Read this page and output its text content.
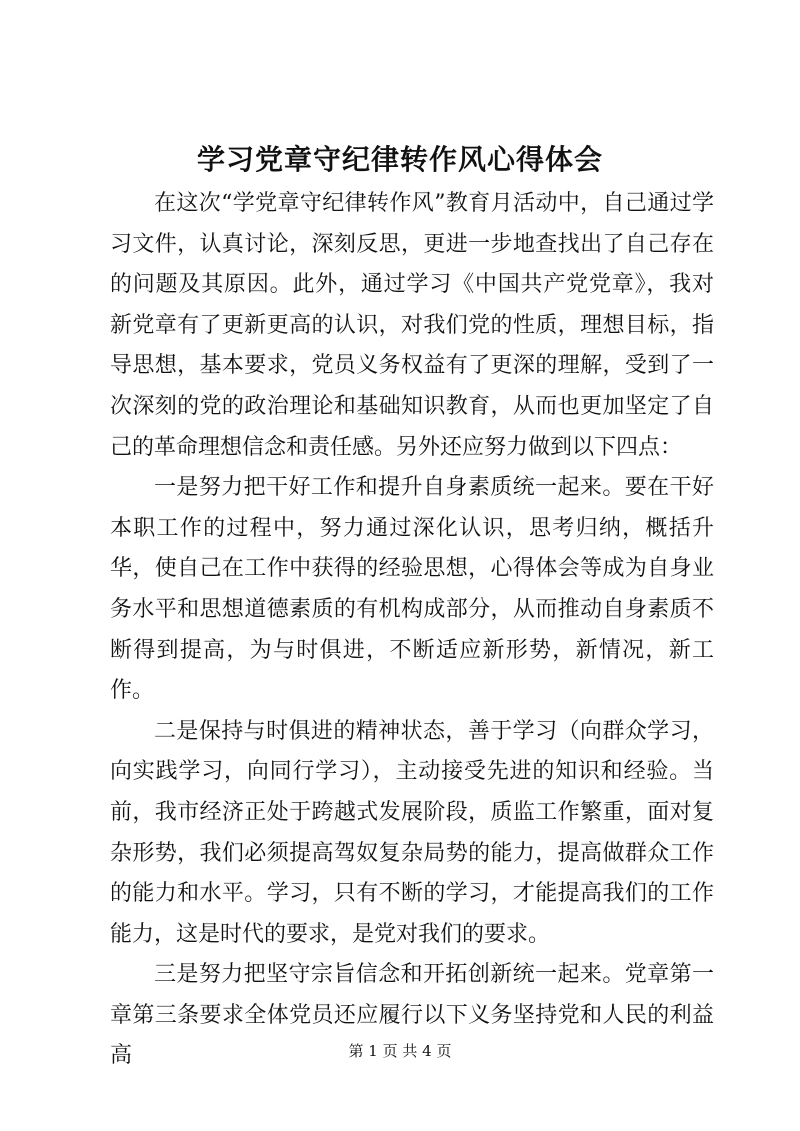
学习党章守纪律转作风心得体会

在这次“学党章守纪律转作风”教育月活动中，自己通过学习文件，认真讨论，深刻反思，更进一步地查找出了自己存在的问题及其原因。此外，通过学习《中国共产党党章》，我对新党章有了更新更高的认识，对我们党的性质，理想目标，指导思想，基本要求，党员义务权益有了更深的理解，受到了一次深刻的党的政治理论和基础知识教育，从而也更加坚定了自己的革命理想信念和责任感。另外还应努力做到以下四点：

一是努力把干好工作和提升自身素质统一起来。要在干好本职工作的过程中，努力通过深化认识，思考归纳，概括升华，使自己在工作中获得的经验思想，心得体会等成为自身业务水平和思想道德素质的有机构成部分，从而推动自身素质不断得到提高，为与时俱进，不断适应新形势，新情况，新工作。

二是保持与时俱进的精神状态，善于学习（向群众学习，向实践学习，向同行学习），主动接受先进的知识和经验。当前，我市经济正处于跨越式发展阶段，质监工作繁重，面对复杂形势，我们必须提高驾奴复杂局势的能力，提高做群众工作的能力和水平。学习，只有不断的学习，才能提高我们的工作能力，这是时代的要求，是党对我们的要求。

三是努力把坚守宗旨信念和开拓创新统一起来。党章第一章第三条要求全体党员还应履行以下义务坚持党和人民的利益高	第 1 页 共 4 页
